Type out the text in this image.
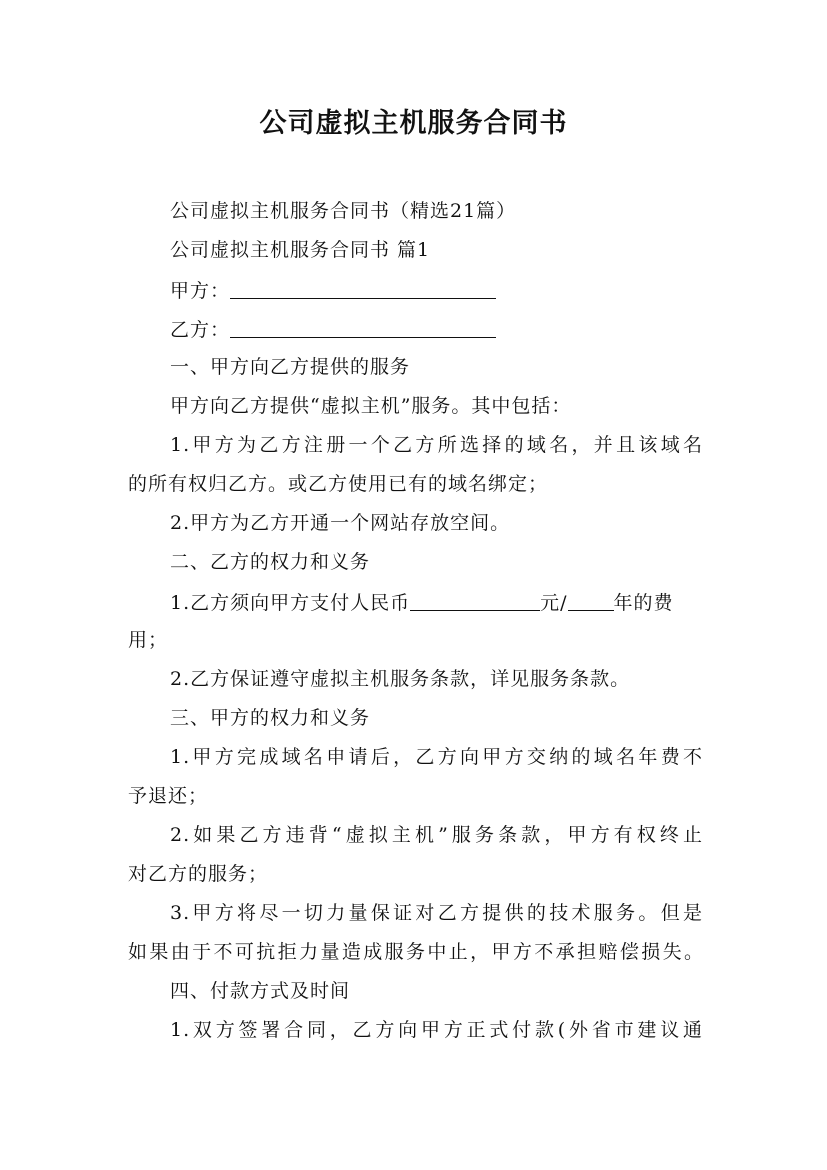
公司虚拟主机服务合同书
公司虚拟主机服务合同书（精选21篇）
公司虚拟主机服务合同书 篇1
甲方：
乙方：
一、甲方向乙方提供的服务
甲方向乙方提供“虚拟主机”服务。其中包括：
1.甲方为乙方注册一个乙方所选择的域名，并且该域名
的所有权归乙方。或乙方使用已有的域名绑定；
2.甲方为乙方开通一个网站存放空间。
二、乙方的权力和义务
1.乙方须向甲方支付人民币	元/ 年的费
用；
2.乙方保证遵守虚拟主机服务条款，详见服务条款。
三、甲方的权力和义务
1.甲方完成域名申请后，乙方向甲方交纳的域名年费不
予退还；
2.如果乙方违背“虚拟主机”服务条款，甲方有权终止
对乙方的服务；
3.甲方将尽一切力量保证对乙方提供的技术服务。但是
如果由于不可抗拒力量造成服务中止，甲方不承担赔偿损失。
四、付款方式及时间
1.双方签署合同，乙方向甲方正式付款(外省市建议通
